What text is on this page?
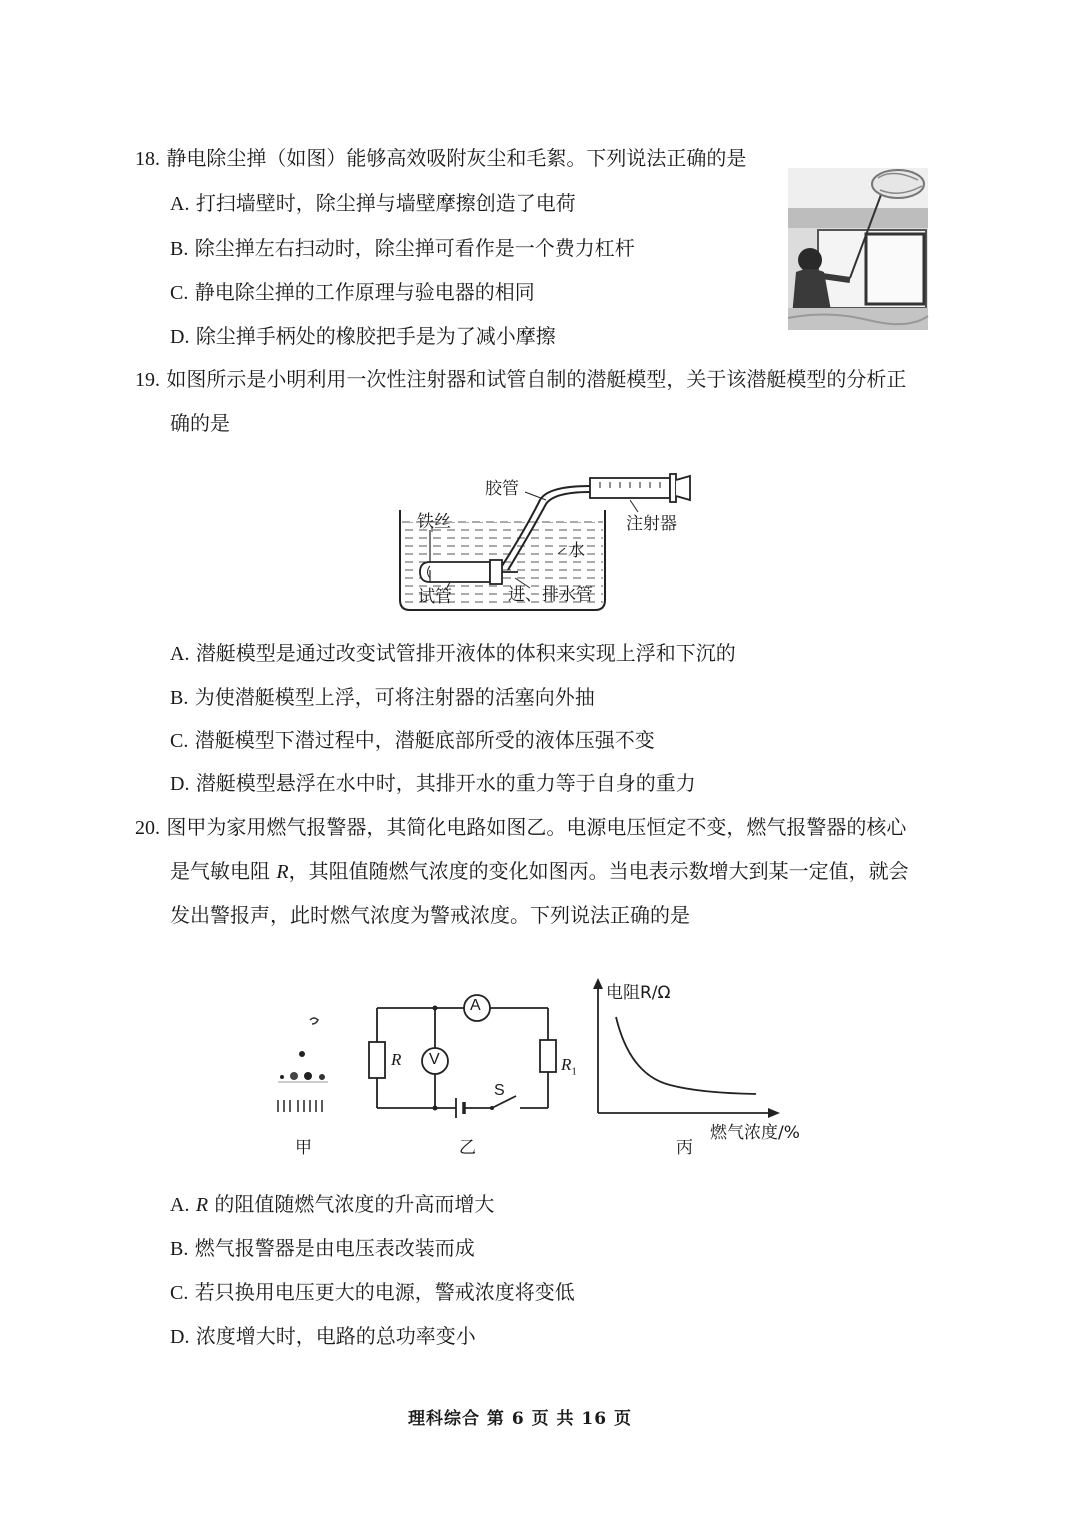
18. 静电除尘掸（如图）能够高效吸附灰尘和毛絮。下列说法正确的是
A. 打扫墙壁时，除尘掸与墙壁摩擦创造了电荷
B. 除尘掸左右扫动时，除尘掸可看作是一个费力杠杆
C. 静电除尘掸的工作原理与验电器的相同
D. 除尘掸手柄处的橡胶把手是为了减小摩擦
19. 如图所示是小明利用一次性注射器和试管自制的潜艇模型，关于该潜艇模型的分析正
确的是
胶管
注射器
铁丝
水
试管	进、排水管
A. 潜艇模型是通过改变试管排开液体的体积来实现上浮和下沉的
B. 为使潜艇模型上浮，可将注射器的活塞向外抽
C. 潜艇模型下潜过程中，潜艇底部所受的液体压强不变
D. 潜艇模型悬浮在水中时，其排开水的重力等于自身的重力
20. 图甲为家用燃气报警器，其简化电路如图乙。电源电压恒定不变，燃气报警器的核心
是气敏电阻 R，其阻值随燃气浓度的变化如图丙。当电表示数增大到某一定值，就会
发出警报声，此时燃气浓度为警戒浓度。下列说法正确的是
A
V
R	$R_1$
S
电阻R/Ω
燃气浓度/%
甲	乙	丙
A. R 的阻值随燃气浓度的升高而增大
B. 燃气报警器是由电压表改装而成
C. 若只换用电压更大的电源，警戒浓度将变低
D. 浓度增大时，电路的总功率变小
理科综合 第 6 页 共 16 页
